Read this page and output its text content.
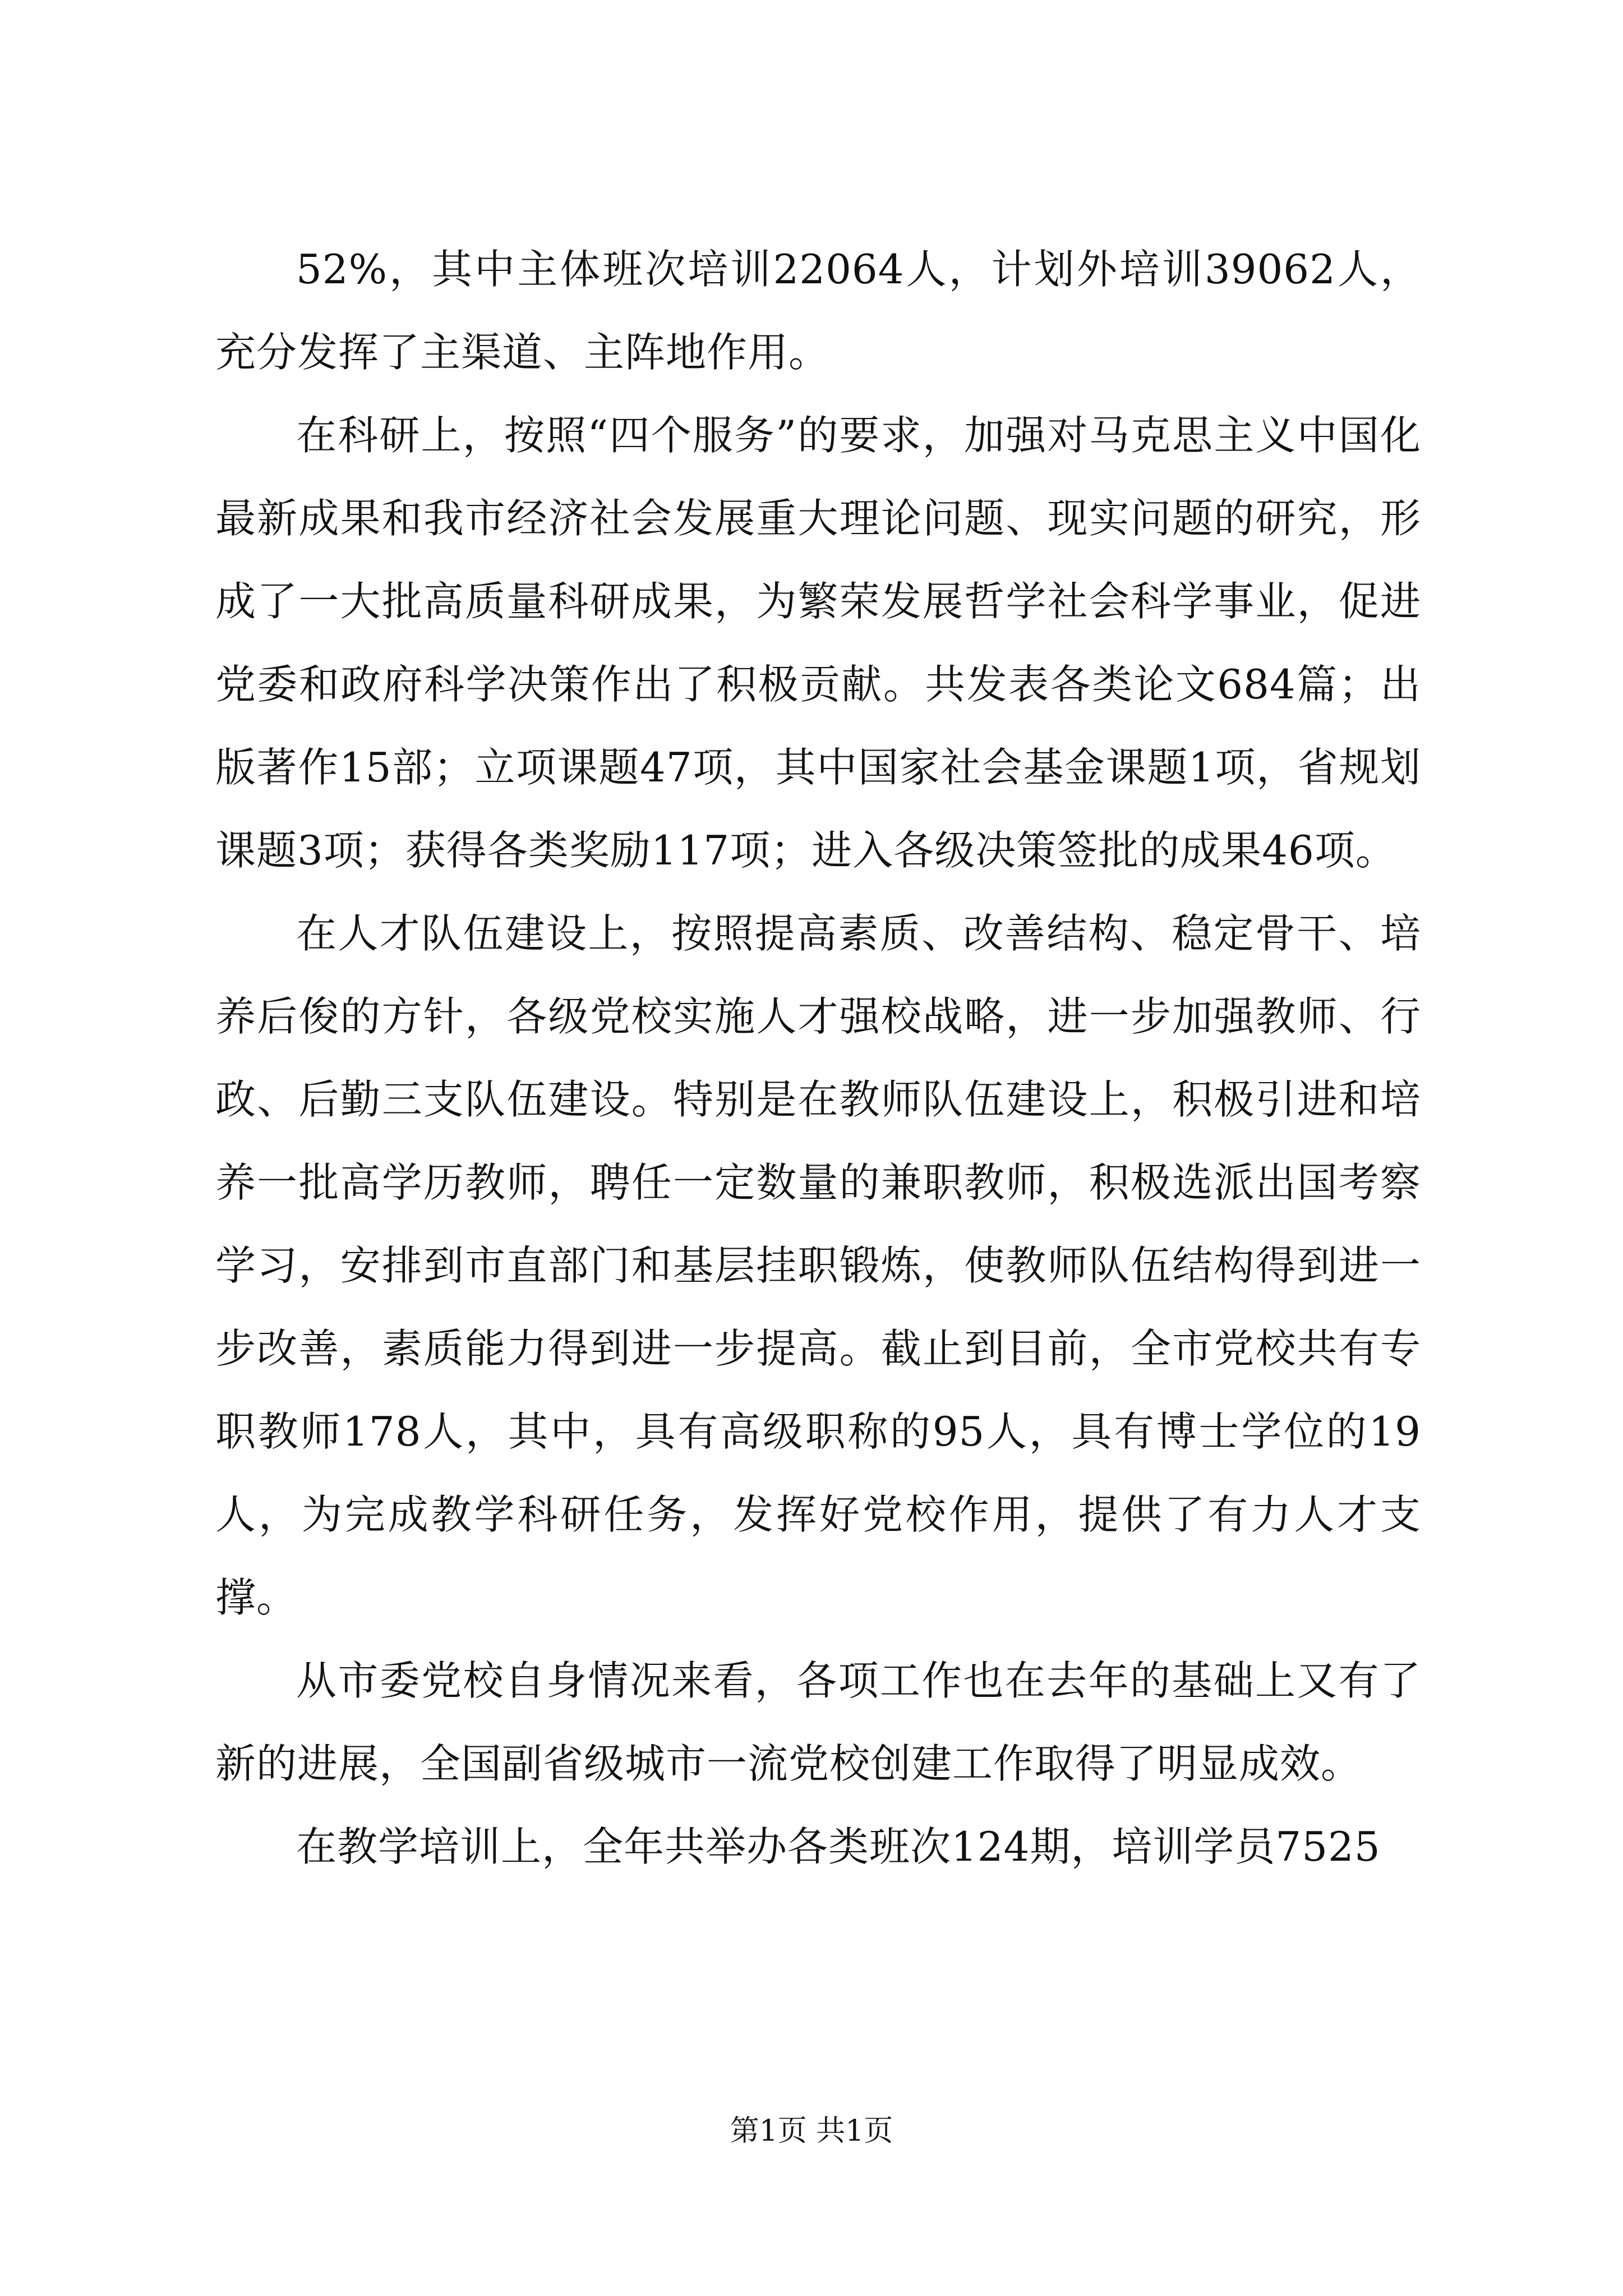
52%，其中主体班次培训22064人，计划外培训39062人，充分发挥了主渠道、主阵地作用。

在科研上，按照“四个服务”的要求，加强对马克思主义中国化最新成果和我市经济社会发展重大理论问题、现实问题的研究，形成了一大批高质量科研成果，为繁荣发展哲学社会科学事业，促进党委和政府科学决策作出了积极贡献。共发表各类论文684篇；出版著作15部；立项课题47项，其中国家社会基金课题1项，省规划课题3项；获得各类奖励117项；进入各级决策签批的成果46项。

在人才队伍建设上，按照提高素质、改善结构、稳定骨干、培养后俊的方针，各级党校实施人才强校战略，进一步加强教师、行政、后勤三支队伍建设。特别是在教师队伍建设上，积极引进和培养一批高学历教师，聘任一定数量的兼职教师，积极选派出国考察学习，安排到市直部门和基层挂职锻炼，使教师队伍结构得到进一步改善，素质能力得到进一步提高。截止到目前，全市党校共有专职教师178人，其中，具有高级职称的95人，具有博士学位的19人，为完成教学科研任务，发挥好党校作用，提供了有力人才支撑。

从市委党校自身情况来看，各项工作也在去年的基础上又有了新的进展，全国副省级城市一流党校创建工作取得了明显成效。

在教学培训上，全年共举办各类班次124期，培训学员7525

第1页 共1页
